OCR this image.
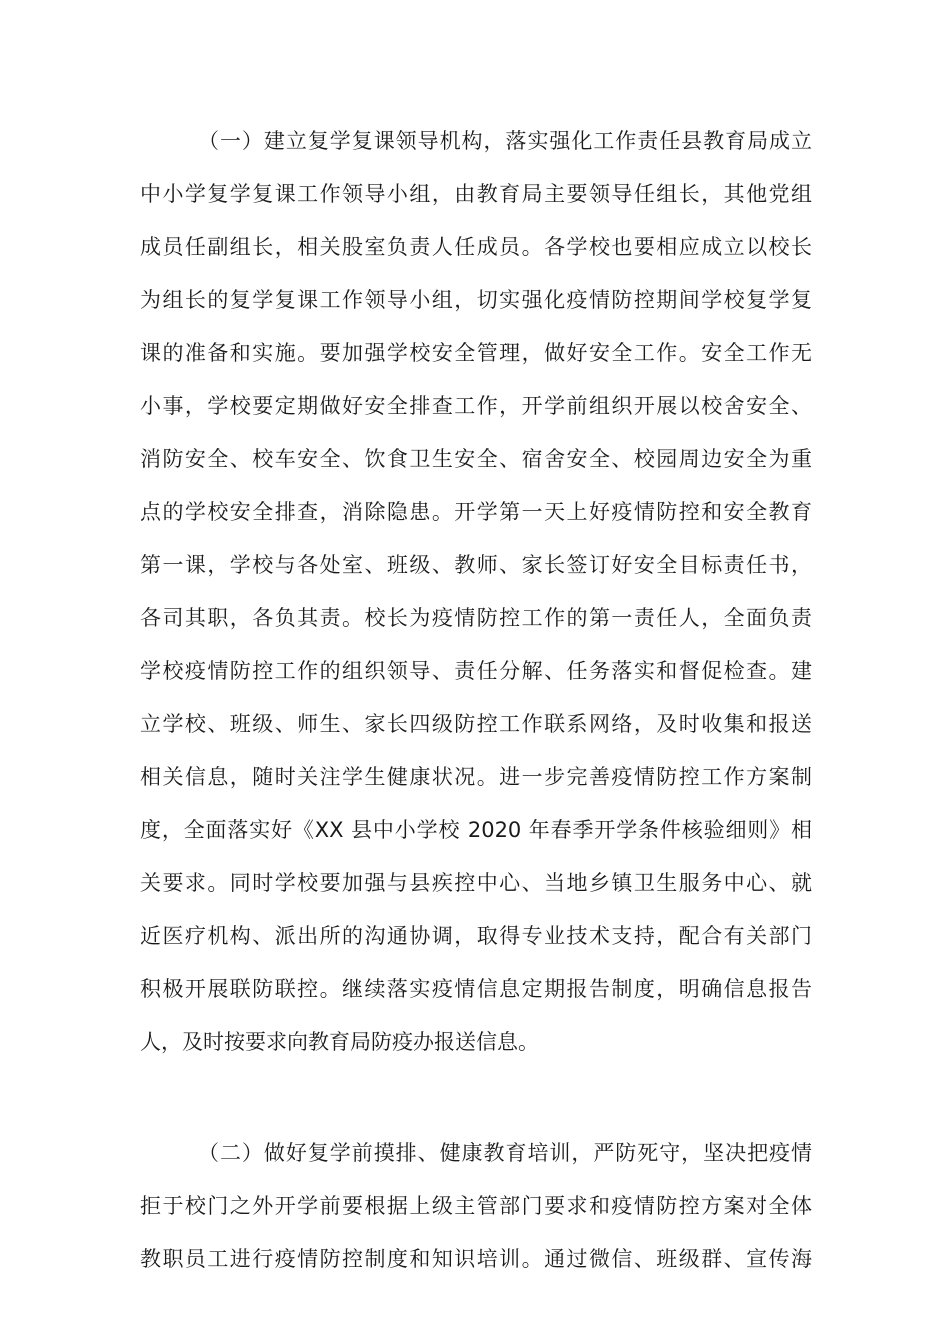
（一）建立复学复课领导机构，落实强化工作责任县教育局成立
中小学复学复课工作领导小组，由教育局主要领导任组长，其他党组
成员任副组长，相关股室负责人任成员。各学校也要相应成立以校长
为组长的复学复课工作领导小组，切实强化疫情防控期间学校复学复
课的准备和实施。要加强学校安全管理，做好安全工作。安全工作无
小事，学校要定期做好安全排查工作，开学前组织开展以校舍安全、
消防安全、校车安全、饮食卫生安全、宿舍安全、校园周边安全为重
点的学校安全排查，消除隐患。开学第一天上好疫情防控和安全教育
第一课，学校与各处室、班级、教师、家长签订好安全目标责任书，
各司其职，各负其责。校长为疫情防控工作的第一责任人，全面负责
学校疫情防控工作的组织领导、责任分解、任务落实和督促检查。建
立学校、班级、师生、家长四级防控工作联系网络，及时收集和报送
相关信息，随时关注学生健康状况。进一步完善疫情防控工作方案制
度，全面落实好《XX 县中小学校 2020 年春季开学条件核验细则》相
关要求。同时学校要加强与县疾控中心、当地乡镇卫生服务中心、就
近医疗机构、派出所的沟通协调，取得专业技术支持，配合有关部门
积极开展联防联控。继续落实疫情信息定期报告制度，明确信息报告
人，及时按要求向教育局防疫办报送信息。
（二）做好复学前摸排、健康教育培训，严防死守，坚决把疫情
拒于校门之外开学前要根据上级主管部门要求和疫情防控方案对全体
教职员工进行疫情防控制度和知识培训。通过微信、班级群、宣传海
